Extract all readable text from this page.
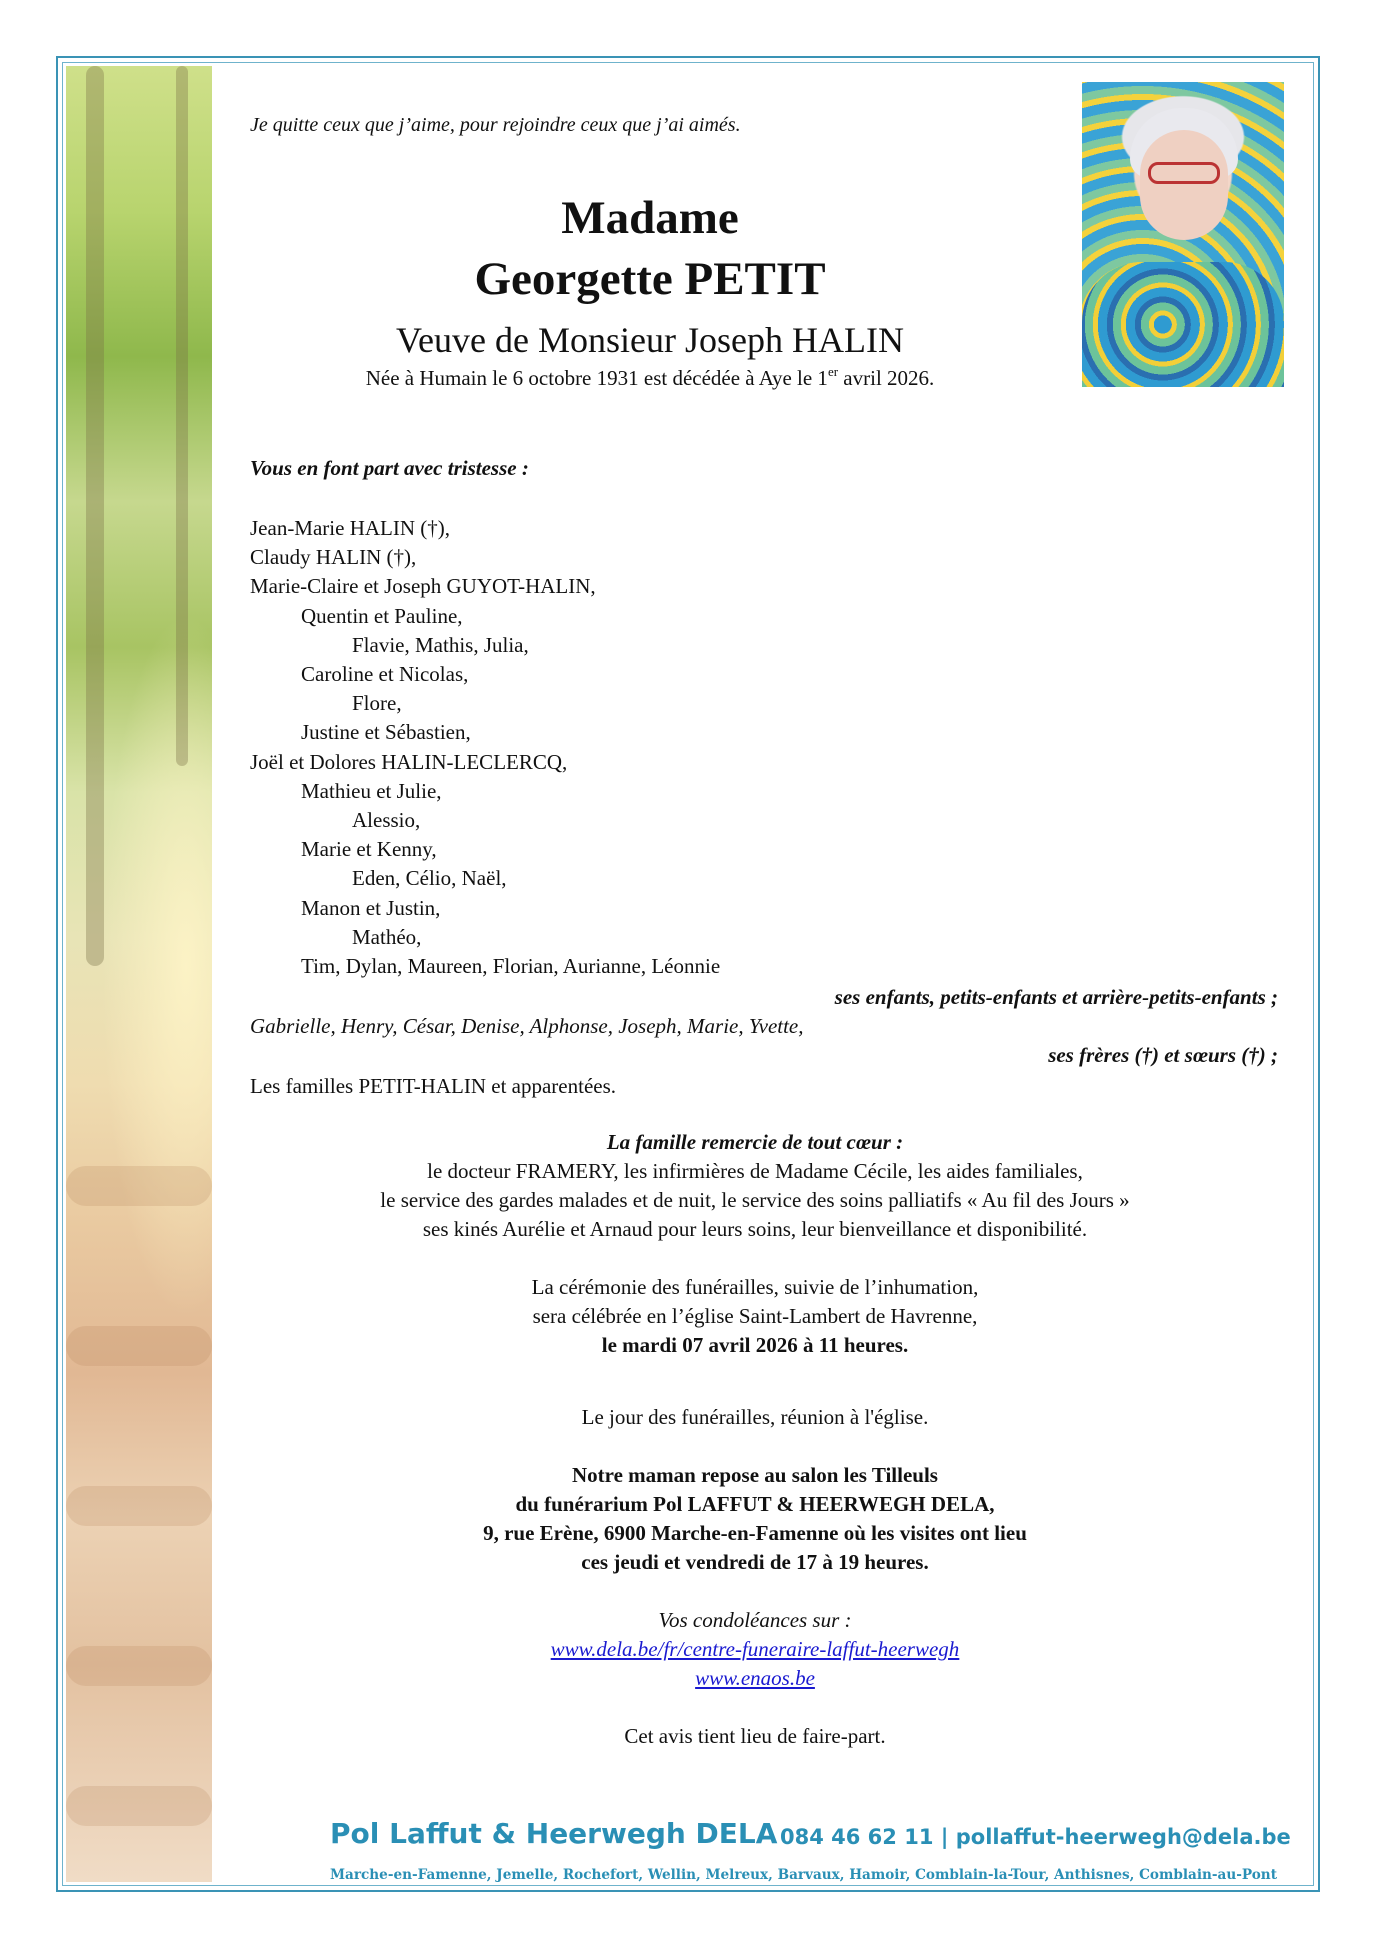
Je quitte ceux que j’aime, pour rejoindre ceux que j’ai aimés.
Madame
Georgette PETIT
Veuve de Monsieur Joseph HALIN
Née à Humain le 6 octobre 1931 est décédée à Aye le 1er avril 2026.
Vous en font part avec tristesse :
Jean-Marie HALIN (†),
Claudy HALIN (†),
Marie-Claire et Joseph GUYOT-HALIN,
Quentin et Pauline,
Flavie, Mathis, Julia,
Caroline et Nicolas,
Flore,
Justine et Sébastien,
Joël et Dolores HALIN-LECLERCQ,
Mathieu et Julie,
Alessio,
Marie et Kenny,
Eden, Célio, Naël,
Manon et Justin,
Mathéo,
Tim, Dylan, Maureen, Florian, Aurianne, Léonnie
ses enfants, petits-enfants et arrière-petits-enfants ;
Gabrielle, Henry, César, Denise, Alphonse, Joseph, Marie, Yvette,
ses frères (†) et sœurs (†) ;
Les familles PETIT-HALIN et apparentées.
La famille remercie de tout cœur :
le docteur FRAMERY, les infirmières de Madame Cécile, les aides familiales,
le service des gardes malades et de nuit, le service des soins palliatifs « Au fil des Jours »
ses kinés Aurélie et Arnaud pour leurs soins, leur bienveillance et disponibilité.
La cérémonie des funérailles, suivie de l’inhumation,
sera célébrée en l’église Saint-Lambert de Havrenne,
le mardi 07 avril 2026 à 11 heures.
Le jour des funérailles, réunion à l'église.
Notre maman repose au salon les Tilleuls
du funérarium Pol LAFFUT & HEERWEGH DELA,
9, rue Erène, 6900 Marche-en-Famenne où les visites ont lieu
ces jeudi et vendredi de 17 à 19 heures.
Vos condoléances sur :
www.dela.be/fr/centre-funeraire-laffut-heerwegh
www.enaos.be
Cet avis tient lieu de faire-part.
Pol Laffut & Heerwegh DELA 084 46 62 11 | pollaffut-heerwegh@dela.be
Marche-en-Famenne, Jemelle, Rochefort, Wellin, Melreux, Barvaux, Hamoir, Comblain-la-Tour, Anthisnes, Comblain-au-Pont
